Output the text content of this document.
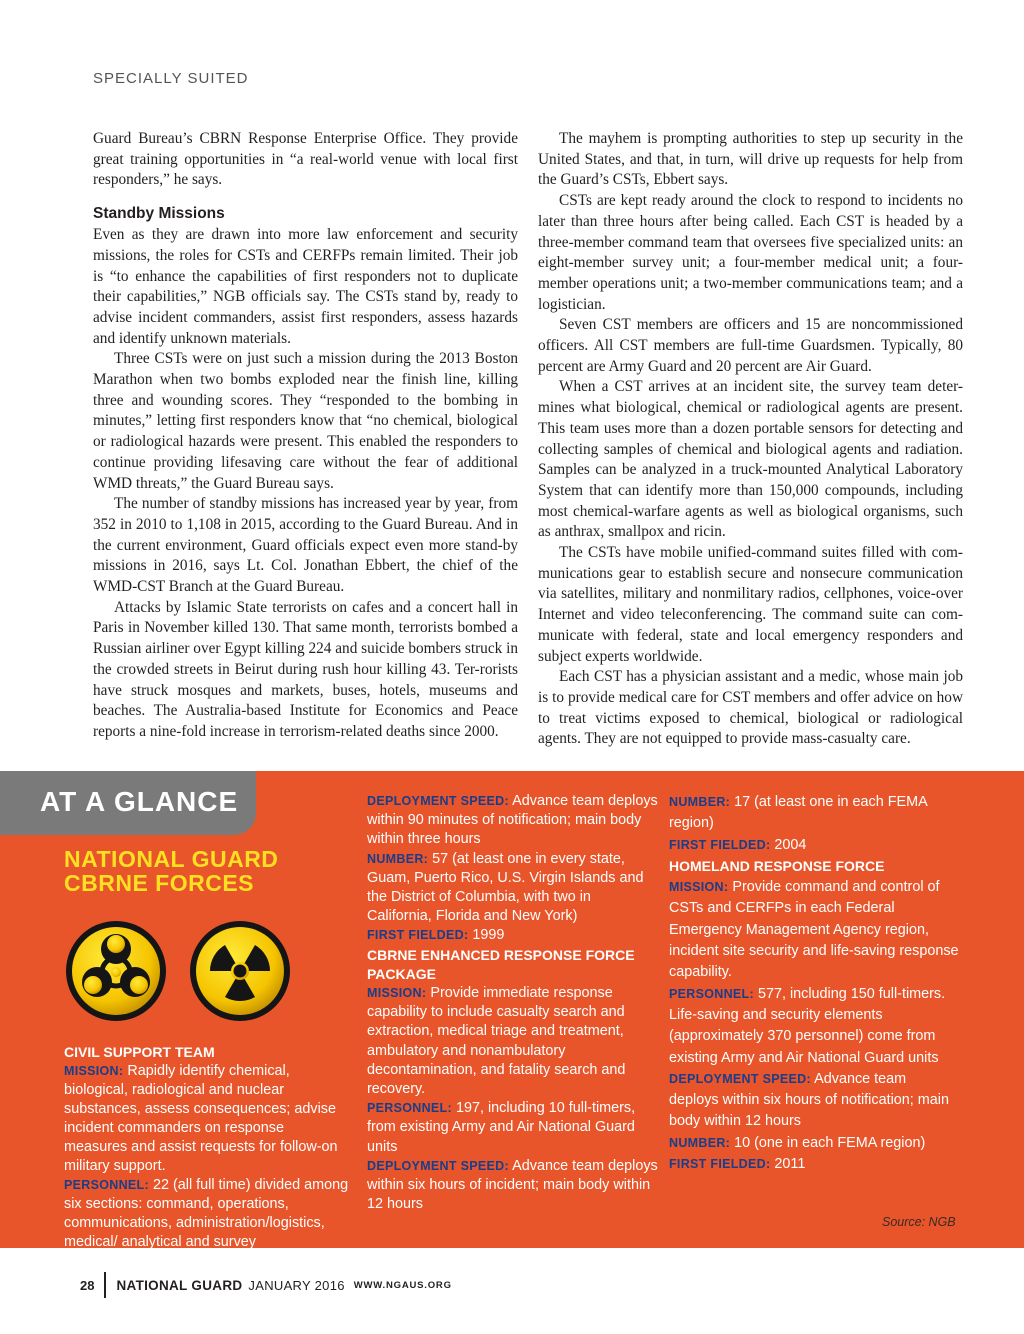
SPECIALLY SUITED

Guard Bureau’s CBRN Response Enterprise Office. They provide great training opportunities in “a real-world venue with local first responders,” he says.

Standby Missions

Even as they are drawn into more law enforcement and security missions, the roles for CSTs and CERFPs remain limited. Their job is “to enhance the capabilities of first responders not to duplicate their capabilities,” NGB officials say. The CSTs stand by, ready to advise incident commanders, assist first responders, assess hazards and identify unknown materials.

Three CSTs were on just such a mission during the 2013 Boston Marathon when two bombs exploded near the finish line, killing three and wounding scores. They “responded to the bombing in minutes,” letting first responders know that “no chemical, biological or radiological hazards were present. This enabled the responders to continue providing lifesaving care without the fear of additional WMD threats,” the Guard Bureau says.

The number of standby missions has increased year by year, from 352 in 2010 to 1,108 in 2015, according to the Guard Bureau. And in the current environment, Guard officials expect even more stand-by missions in 2016, says Lt. Col. Jonathan Ebbert, the chief of the WMD-CST Branch at the Guard Bureau.

Attacks by Islamic State terrorists on cafes and a concert hall in Paris in November killed 130. That same month, terrorists bombed a Russian airliner over Egypt killing 224 and suicide bombers struck in the crowded streets in Beirut during rush hour killing 43. Ter-rorists have struck mosques and markets, buses, hotels, museums and beaches. The Australia-based Institute for Economics and Peace reports a nine-fold increase in terrorism-related deaths since 2000.

The mayhem is prompting authorities to step up security in the United States, and that, in turn, will drive up requests for help from the Guard’s CSTs, Ebbert says.

CSTs are kept ready around the clock to respond to incidents no later than three hours after being called. Each CST is headed by a three-member command team that oversees five specialized units: an eight-member survey unit; a four-member medical unit; a four-member operations unit; a two-member communications team; and a logistician.

Seven CST members are officers and 15 are noncommissioned officers. All CST members are full-time Guardsmen. Typically, 80 percent are Army Guard and 20 percent are Air Guard.

When a CST arrives at an incident site, the survey team deter-mines what biological, chemical or radiological agents are present. This team uses more than a dozen portable sensors for detecting and collecting samples of chemical and biological agents and radiation. Samples can be analyzed in a truck-mounted Analytical Laboratory System that can identify more than 150,000 compounds, including most chemical-warfare agents as well as biological organisms, such as anthrax, smallpox and ricin.

The CSTs have mobile unified-command suites filled with com-munications gear to establish secure and nonsecure communication via satellites, military and nonmilitary radios, cellphones, voice-over Internet and video teleconferencing. The command suite can com-municate with federal, state and local emergency responders and subject experts worldwide.

Each CST has a physician assistant and a medic, whose main job is to provide medical care for CST members and offer advice on how to treat victims exposed to chemical, biological or radiological agents. They are not equipped to provide mass-casualty care.

AT A GLANCE
NATIONAL GUARD
CBRNE FORCES
CIVIL SUPPORT TEAM
MISSION: Rapidly identify chemical, biological, radiological and nuclear substances, assess consequences; advise incident commanders on response measures and assist requests for follow-on military support.
PERSONNEL: 22 (all full time) divided among six sections: command, operations, communications, administration/logistics, medical/ analytical and survey
DEPLOYMENT SPEED: Advance team deploys within 90 minutes of notification; main body within three hours
NUMBER: 57 (at least one in every state, Guam, Puerto Rico, U.S. Virgin Islands and the District of Columbia, with two in California, Florida and New York)
FIRST FIELDED: 1999
CBRNE ENHANCED RESPONSE FORCE PACKAGE
MISSION: Provide immediate response capability to include casualty search and extraction, medical triage and treatment, ambulatory and nonambulatory decontamination, and fatality search and recovery.
PERSONNEL: 197, including 10 full-timers, from existing Army and Air National Guard units
DEPLOYMENT SPEED: Advance team deploys within six hours of incident; main body within 12 hours
NUMBER: 17 (at least one in each FEMA region)
FIRST FIELDED: 2004
HOMELAND RESPONSE FORCE
MISSION: Provide command and control of CSTs and CERFPs in each Federal Emergency Management Agency region, incident site security and life-saving response capability.
PERSONNEL: 577, including 150 full-timers. Life-saving and security elements (approximately 370 personnel) come from existing Army and Air National Guard units
DEPLOYMENT SPEED: Advance team deploys within six hours of notification; main body within 12 hours
NUMBER: 10 (one in each FEMA region)
FIRST FIELDED: 2011
Source: NGB
28 NATIONAL GUARD JANUARY 2016 WWW.NGAUS.ORG
